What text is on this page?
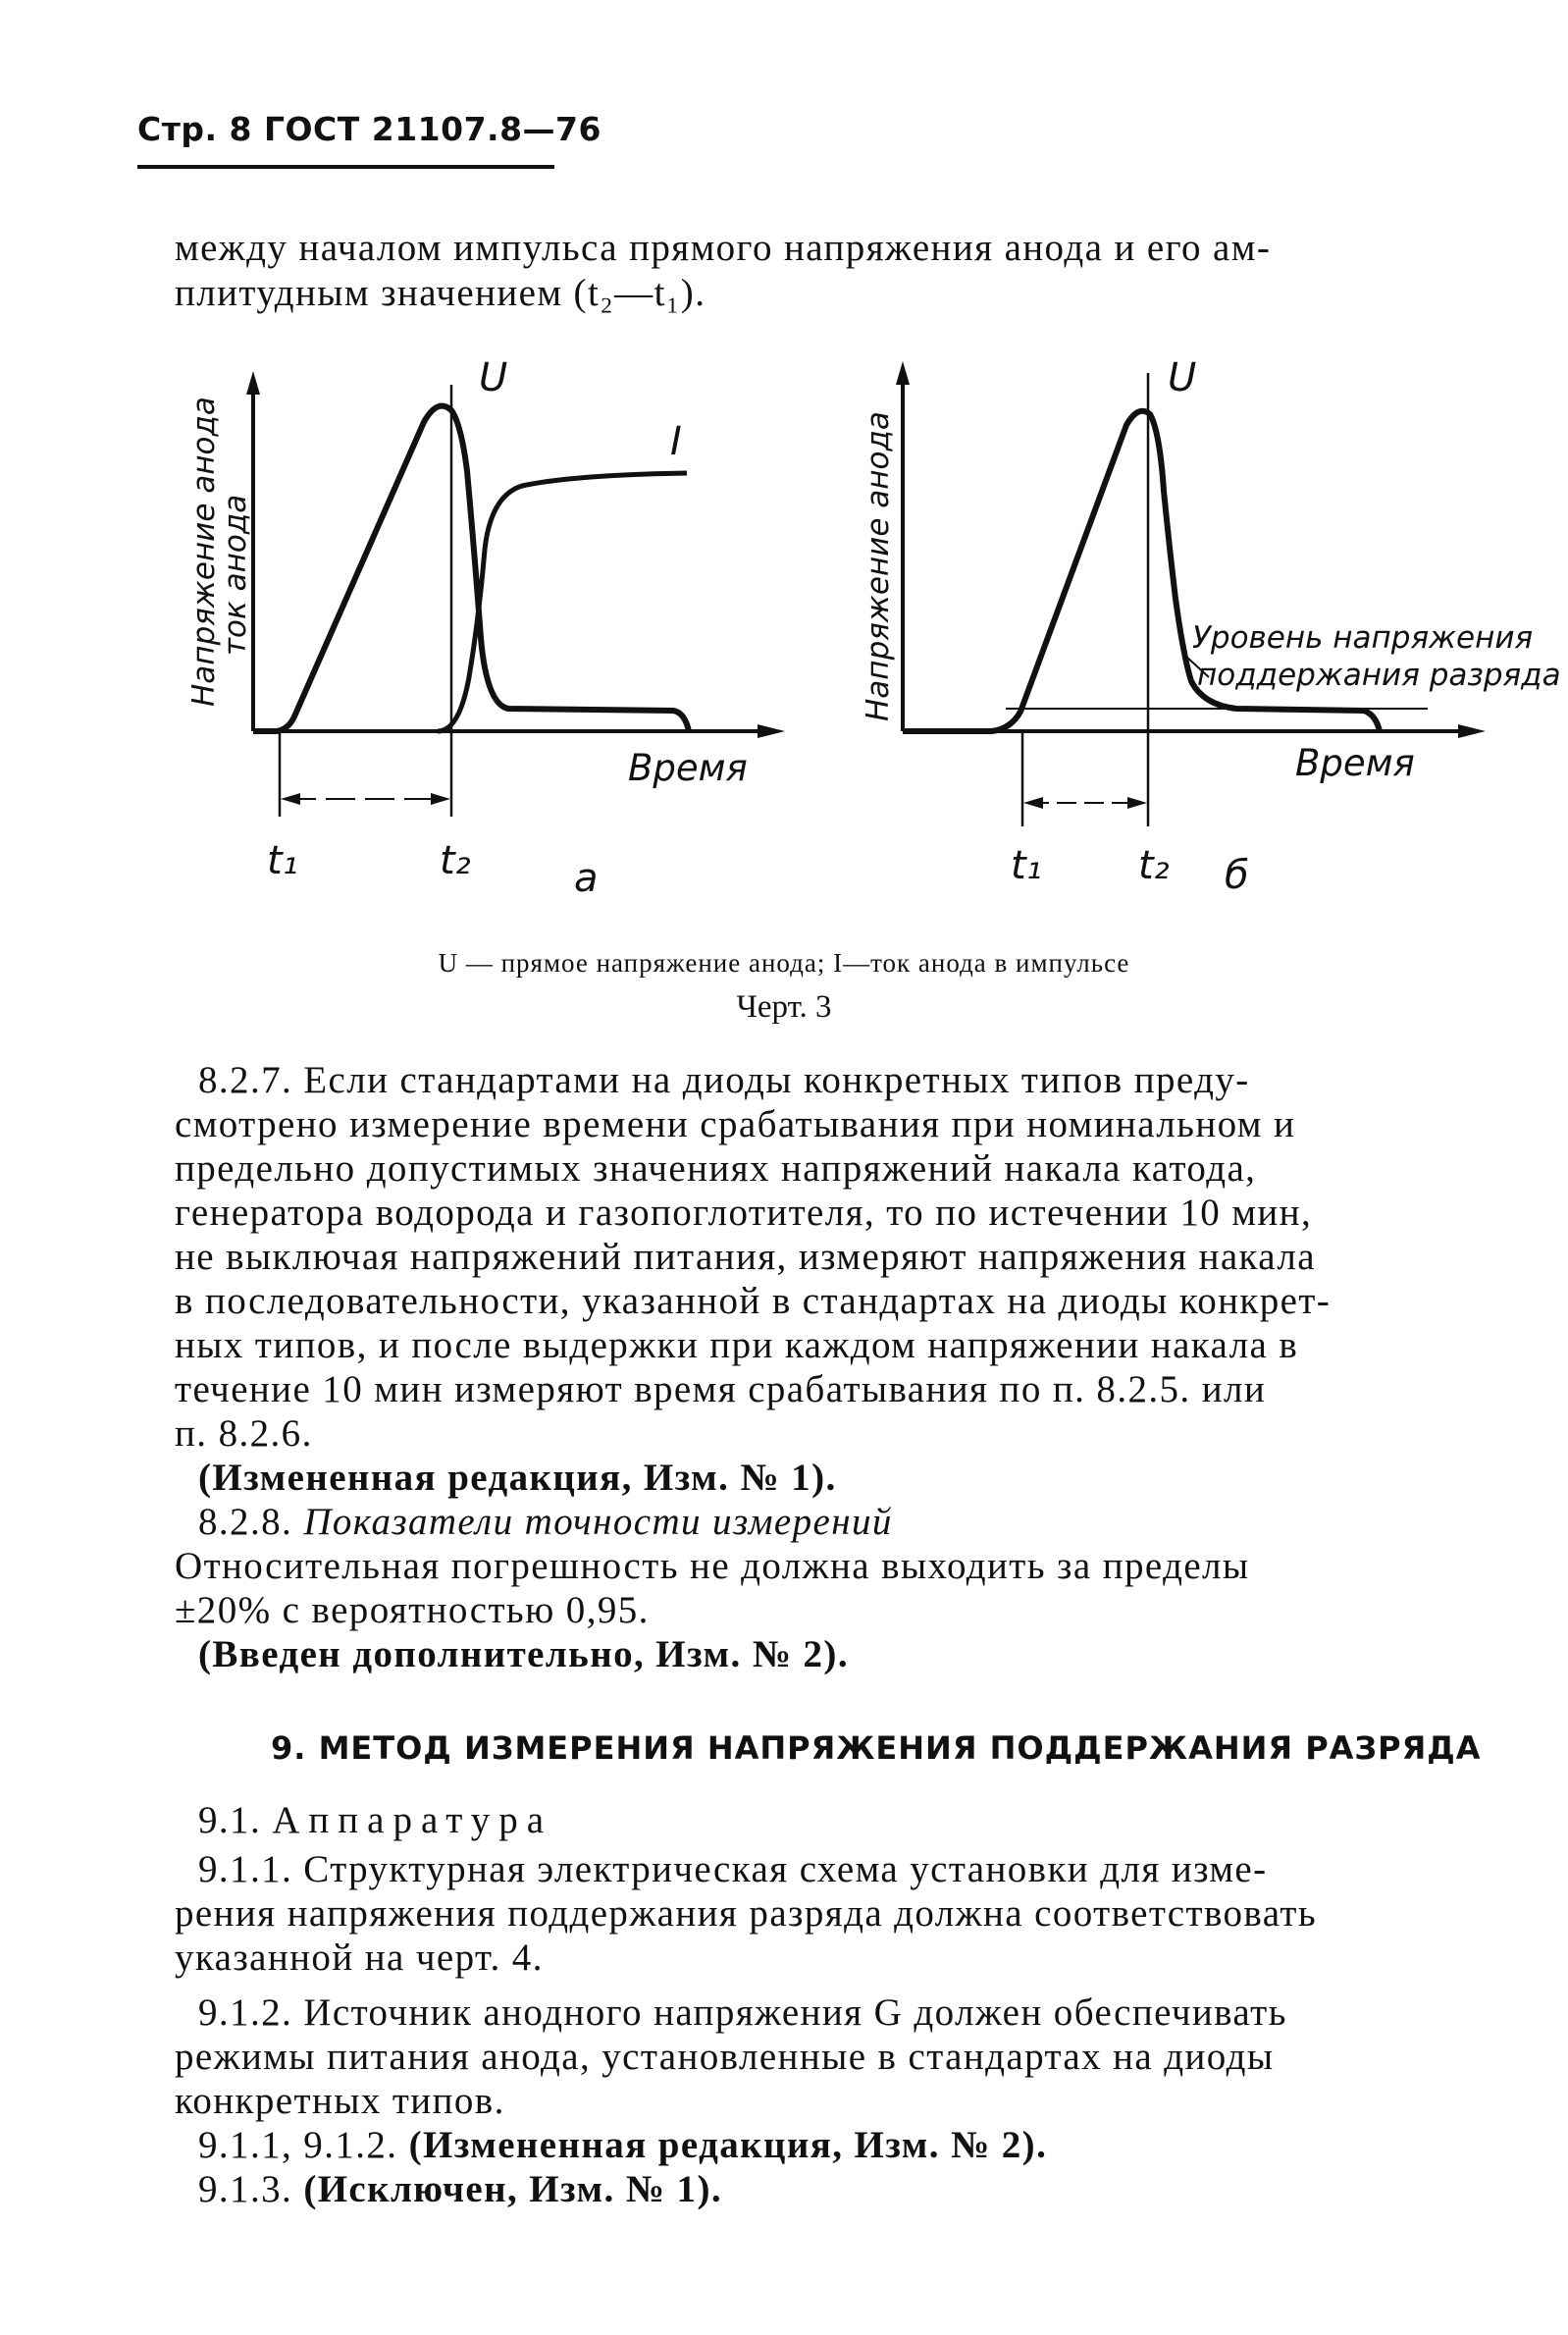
Стр. 8 ГОСТ 21107.8—76
между началом импульса прямого напряжения анода и его ам-
плитудным значением (t₂—t₁).
U
I
Напряжение анода
ток анода
Время
t₁	t₂	а
U
Напряжение анода	Уровень напряжения
поддержания разряда
Время
t₁ t₂ б
U — прямое напряжение анода; I—ток анода в импульсе
Черт. 3
8.2.7. Если стандартами на диоды конкретных типов преду-
смотрено измерение времени срабатывания при номинальном и
предельно допустимых значениях напряжений накала катода,
генератора водорода и газопоглотителя, то по истечении 10 мин,
не выключая напряжений питания, измеряют напряжения накала
в последовательности, указанной в стандартах на диоды конкрет-
ных типов, и после выдержки при каждом напряжении накала в
течение 10 мин измеряют время срабатывания по п. 8.2.5. или
п. 8.2.6.
(Измененная редакция, Изм. № 1).
8.2.8. Показатели точности измерений
Относительная погрешность не должна выходить за пределы
±20% с вероятностью 0,95.
(Введен дополнительно, Изм. № 2).
9. МЕТОД ИЗМЕРЕНИЯ НАПРЯЖЕНИЯ ПОДДЕРЖАНИЯ РАЗРЯДА
9.1. Аппаратура
9.1.1. Структурная электрическая схема установки для изме-
рения напряжения поддержания разряда должна соответствовать
указанной на черт. 4.
9.1.2. Источник анодного напряжения G должен обеспечивать
режимы питания анода, установленные в стандартах на диоды
конкретных типов.
9.1.1, 9.1.2. (Измененная редакция, Изм. № 2).
9.1.3. (Исключен, Изм. № 1).
